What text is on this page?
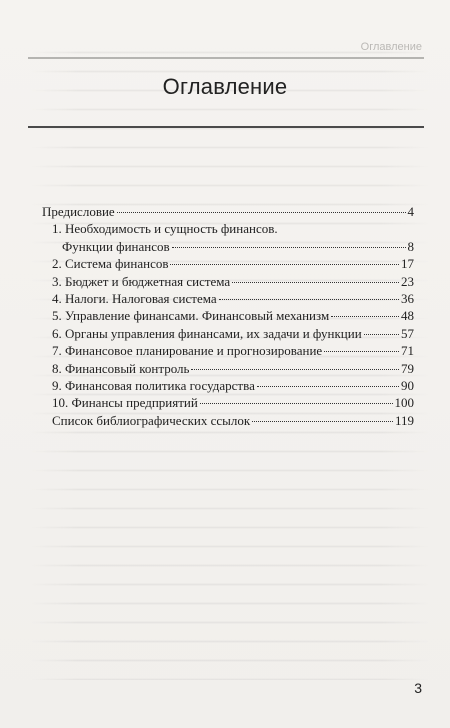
Оглавление
Оглавление
Предисловие	4
1. Необходимость и сущность финансов.
Функции финансов	8
2. Система финансов	17
3. Бюджет и бюджетная система	23
4. Налоги. Налоговая система	36
5. Управление финансами. Финансовый механизм	48
6. Органы управления финансами, их задачи и функции	57
7. Финансовое планирование и прогнозирование	71
8. Финансовый контроль	79
9. Финансовая политика государства	90
10. Финансы предприятий	100
Список библиографических ссылок	119
3
